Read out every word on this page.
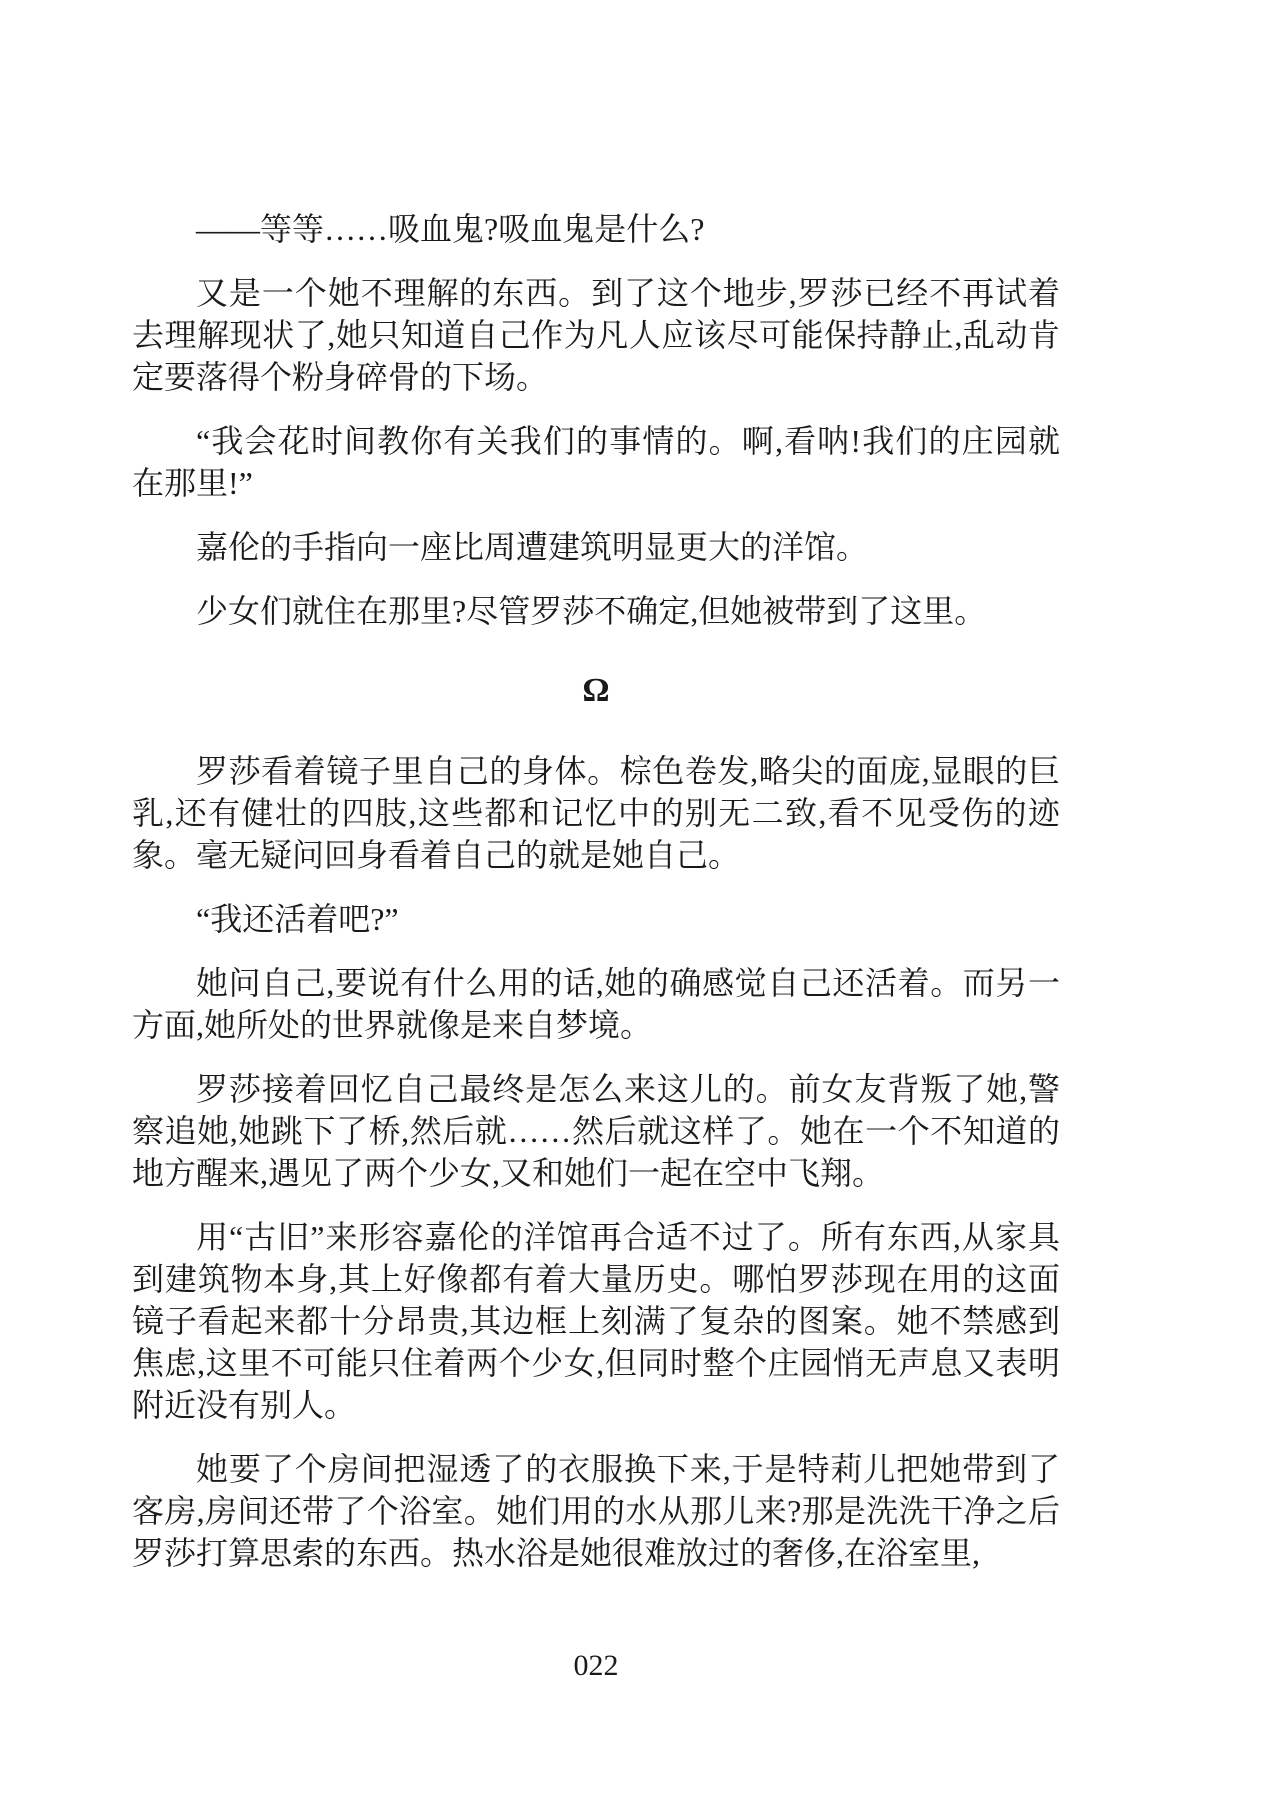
——等等……吸血鬼?吸血鬼是什么?

又是一个她不理解的东西。到了这个地步,罗莎已经不再试着去理解现状了,她只知道自己作为凡人应该尽可能保持静止,乱动肯定要落得个粉身碎骨的下场。

“我会花时间教你有关我们的事情的。啊,看呐!我们的庄园就在那里!”

嘉伦的手指向一座比周遭建筑明显更大的洋馆。

少女们就住在那里?尽管罗莎不确定,但她被带到了这里。

Ω

罗莎看着镜子里自己的身体。棕色卷发,略尖的面庞,显眼的巨乳,还有健壮的四肢,这些都和记忆中的别无二致,看不见受伤的迹象。毫无疑问回身看着自己的就是她自己。

“我还活着吧?”

她问自己,要说有什么用的话,她的确感觉自己还活着。而另一方面,她所处的世界就像是来自梦境。

罗莎接着回忆自己最终是怎么来这儿的。前女友背叛了她,警察追她,她跳下了桥,然后就……然后就这样了。她在一个不知道的地方醒来,遇见了两个少女,又和她们一起在空中飞翔。

用“古旧”来形容嘉伦的洋馆再合适不过了。所有东西,从家具到建筑物本身,其上好像都有着大量历史。哪怕罗莎现在用的这面镜子看起来都十分昂贵,其边框上刻满了复杂的图案。她不禁感到焦虑,这里不可能只住着两个少女,但同时整个庄园悄无声息又表明附近没有别人。

她要了个房间把湿透了的衣服换下来,于是特莉儿把她带到了客房,房间还带了个浴室。她们用的水从那儿来?那是洗洗干净之后罗莎打算思索的东西。热水浴是她很难放过的奢侈,在浴室里,

022
